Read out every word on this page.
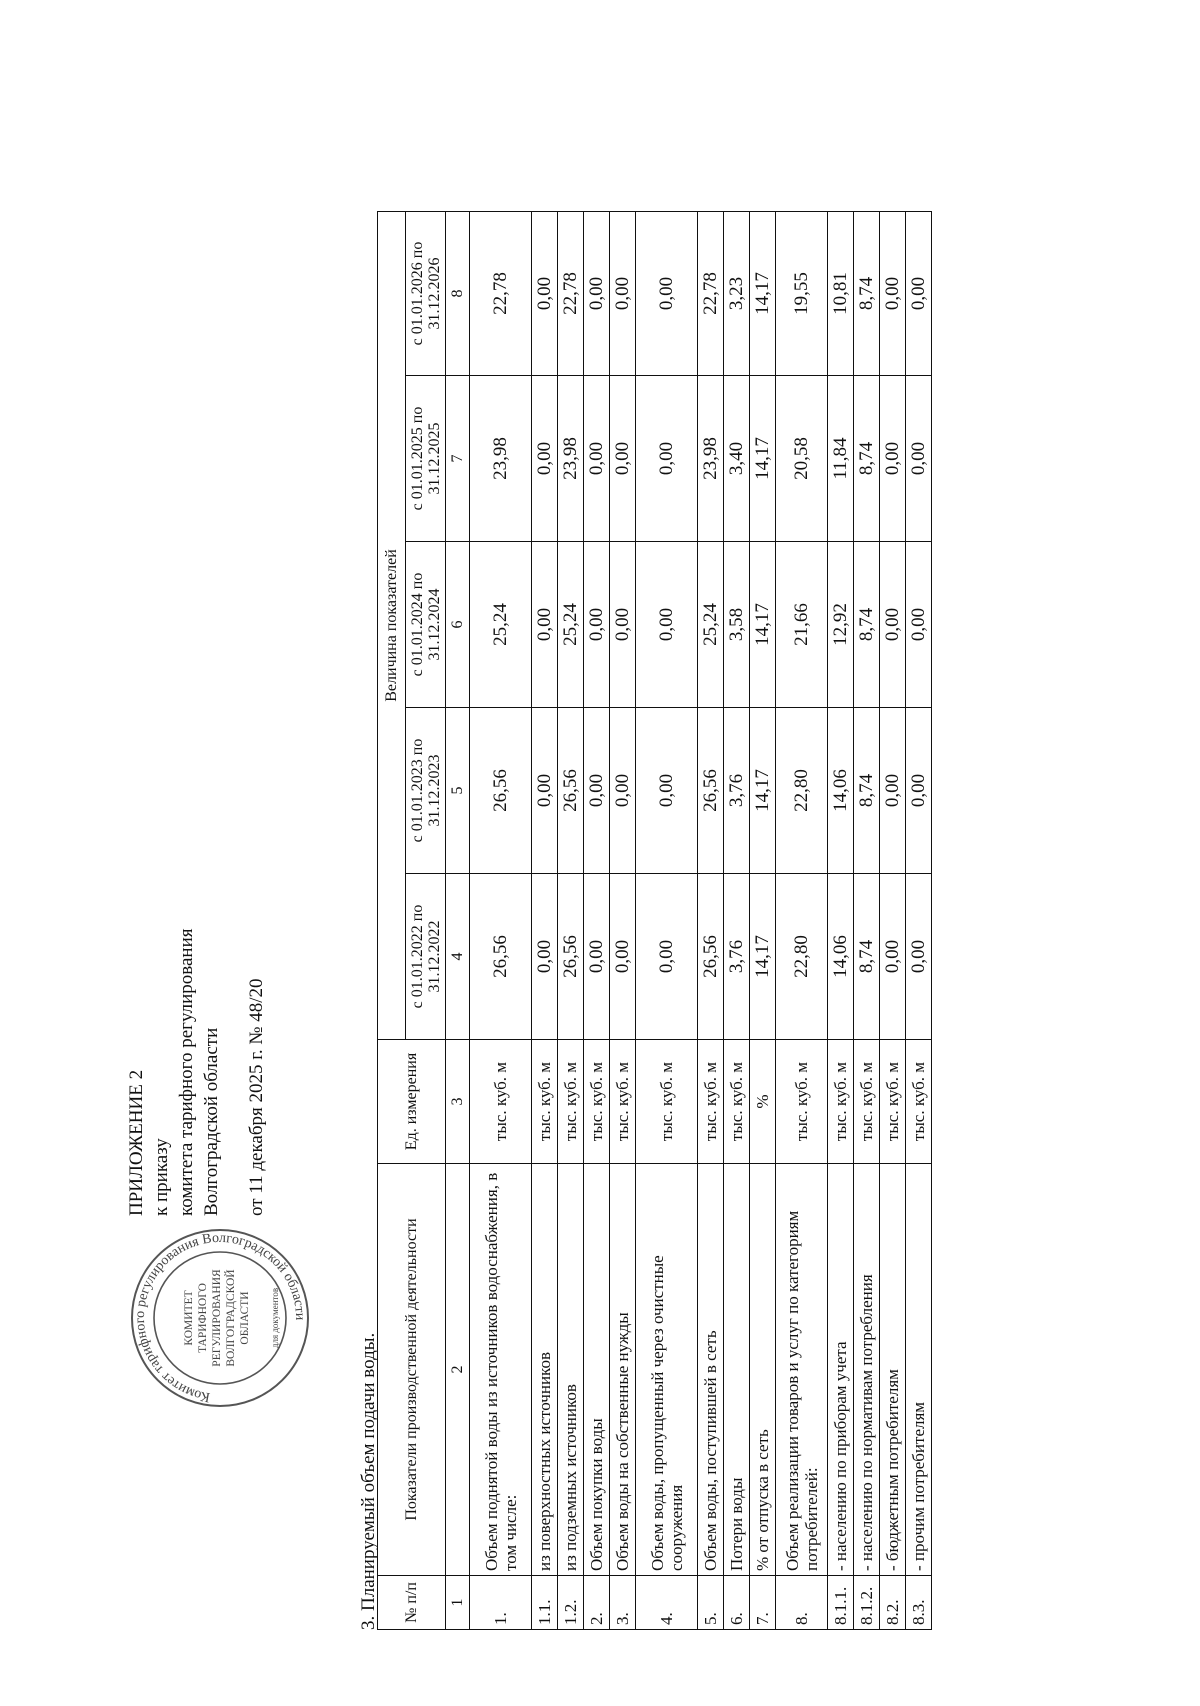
Комитет тарифного регулирования Волгоградской области
КОМИТЕТ ТАРИФНОГО РЕГУЛИРОВАНИЯ ВОЛГОГРАДСКОЙ ОБЛАСТИ для документов
ПРИЛОЖЕНИЕ 2 к приказу комитета тарифного регулирования Волгоградской области от 11 декабря 2025 г. № 48/20
3. Планируемый объем подачи воды. № п/п	Показатели производственной деятельности	Ед. измерения	Величина показателей				
			с 01.01.2022 по 31.12.2022	с 01.01.2023 по 31.12.2023	с 01.01.2024 по 31.12.2024	с 01.01.2025 по 31.12.2025	с 01.01.2026 по 31.12.2026
1	2	3	4	5	6	7	8
1.	Объем поднятой воды из источников водоснабжения, в том числе:	тыс. куб. м	26,56	26,56	25,24	23,98	22,78
1.1.	из поверхностных источников	тыс. куб. м	0,00	0,00	0,00	0,00	0,00
1.2.	из подземных источников	тыс. куб. м	26,56	26,56	25,24	23,98	22,78
2.	Объем покупки воды	тыс. куб. м	0,00	0,00	0,00	0,00	0,00
3.	Объем воды на собственные нужды	тыс. куб. м	0,00	0,00	0,00	0,00	0,00
4.	Объем воды, пропущенный через очистные сооружения	тыс. куб. м	0,00	0,00	0,00	0,00	0,00
5.	Объем воды, поступившей в сеть	тыс. куб. м	26,56	26,56	25,24	23,98	22,78
6.	Потери воды	тыс. куб. м	3,76	3,76	3,58	3,40	3,23
7.	% от отпуска в сеть	%	14,17	14,17	14,17	14,17	14,17
8.	Объем реализации товаров и услуг по категориям потребителей:	тыс. куб. м	22,80	22,80	21,66	20,58	19,55
8.1.1.	- населению по приборам учета	тыс. куб. м	14,06	14,06	12,92	11,84	10,81
8.1.2.	- населению по нормативам потребления	тыс. куб. м	8,74	8,74	8,74	8,74	8,74
8.2.	- бюджетным потребителям	тыс. куб. м	0,00	0,00	0,00	0,00	0,00
8.3.	- прочим потребителям	тыс. куб. м	0,00	0,00	0,00	0,00	0,00
